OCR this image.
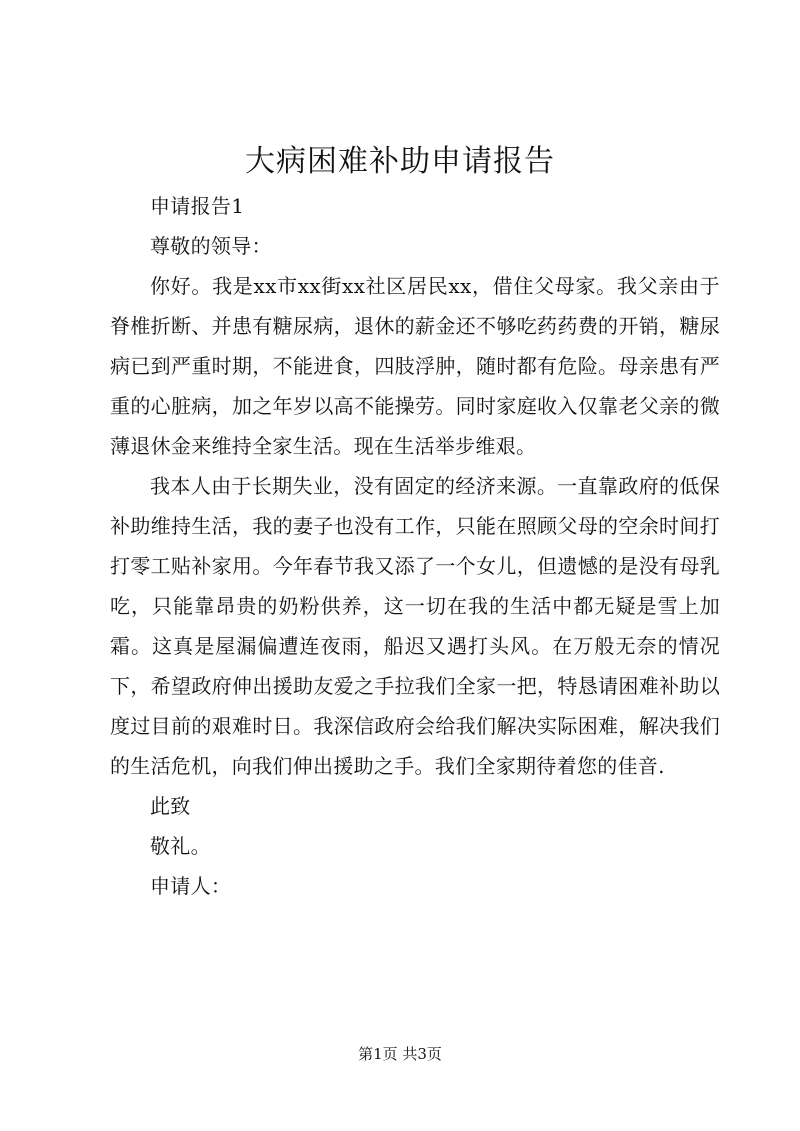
大病困难补助申请报告

申请报告1

尊敬的领导：

你好。我是xx市xx街xx社区居民xx，借住父母家。我父亲由于脊椎折断、并患有糖尿病，退休的薪金还不够吃药药费的开销，糖尿病已到严重时期，不能进食，四肢浮肿，随时都有危险。母亲患有严重的心脏病，加之年岁以高不能操劳。同时家庭收入仅靠老父亲的微薄退休金来维持全家生活。现在生活举步维艰。

我本人由于长期失业，没有固定的经济来源。一直靠政府的低保补助维持生活，我的妻子也没有工作，只能在照顾父母的空余时间打打零工贴补家用。今年春节我又添了一个女儿，但遗憾的是没有母乳吃，只能靠昂贵的奶粉供养，这一切在我的生活中都无疑是雪上加霜。这真是屋漏偏遭连夜雨，船迟又遇打头风。在万般无奈的情况下，希望政府伸出援助友爱之手拉我们全家一把，特恳请困难补助以度过目前的艰难时日。我深信政府会给我们解决实际困难，解决我们的生活危机，向我们伸出援助之手。我们全家期待着您的佳音.

此致

敬礼。

申请人：

第1页 共3页
